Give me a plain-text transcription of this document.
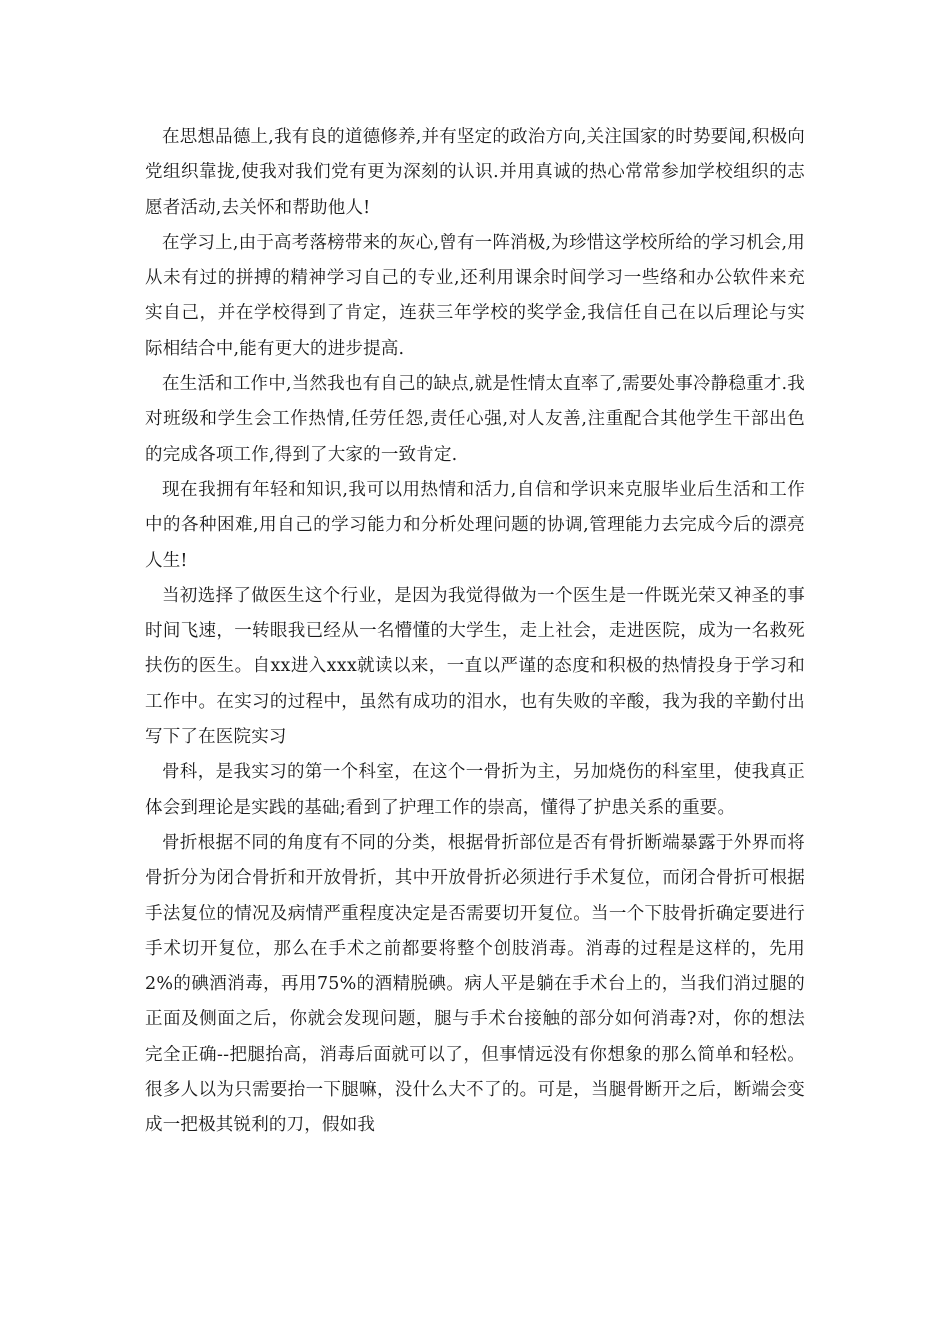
在思想品德上,我有良的道德修养,并有坚定的政治方向,关注国家的时势要闻,积极向党组织靠拢,使我对我们党有更为深刻的认识.并用真诚的热心常常参加学校组织的志愿者活动,去关怀和帮助他人!

在学习上,由于高考落榜带来的灰心,曾有一阵消极,为珍惜这学校所给的学习机会,用从未有过的拼搏的精神学习自己的专业,还利用课余时间学习一些络和办公软件来充实自己，并在学校得到了肯定，连获三年学校的奖学金,我信任自己在以后理论与实际相结合中,能有更大的进步提高.

在生活和工作中,当然我也有自己的缺点,就是性情太直率了,需要处事冷静稳重才.我对班级和学生会工作热情,任劳任怨,责任心强,对人友善,注重配合其他学生干部出色的完成各项工作,得到了大家的一致肯定.

现在我拥有年轻和知识,我可以用热情和活力,自信和学识来克服毕业后生活和工作中的各种困难,用自己的学习能力和分析处理问题的协调,管理能力去完成今后的漂亮人生!

当初选择了做医生这个行业，是因为我觉得做为一个医生是一件既光荣又神圣的事时间飞速，一转眼我已经从一名懵懂的大学生，走上社会，走进医院，成为一名救死扶伤的医生。自xx进入xxx就读以来，一直以严谨的态度和积极的热情投身于学习和工作中。在实习的过程中，虽然有成功的泪水，也有失败的辛酸，我为我的辛勤付出写下了在医院实习

骨科，是我实习的第一个科室，在这个一骨折为主，另加烧伤的科室里，使我真正体会到理论是实践的基础;看到了护理工作的崇高，懂得了护患关系的重要。

骨折根据不同的角度有不同的分类，根据骨折部位是否有骨折断端暴露于外界而将骨折分为闭合骨折和开放骨折，其中开放骨折必须进行手术复位，而闭合骨折可根据手法复位的情况及病情严重程度决定是否需要切开复位。当一个下肢骨折确定要进行手术切开复位，那么在手术之前都要将整个创肢消毒。消毒的过程是这样的，先用2%的碘酒消毒，再用75%的酒精脱碘。病人平是躺在手术台上的，当我们消过腿的正面及侧面之后，你就会发现问题，腿与手术台接触的部分如何消毒?对，你的想法完全正确--把腿抬高，消毒后面就可以了，但事情远没有你想象的那么简单和轻松。很多人以为只需要抬一下腿嘛，没什么大不了的。可是，当腿骨断开之后，断端会变成一把极其锐利的刀，假如我
